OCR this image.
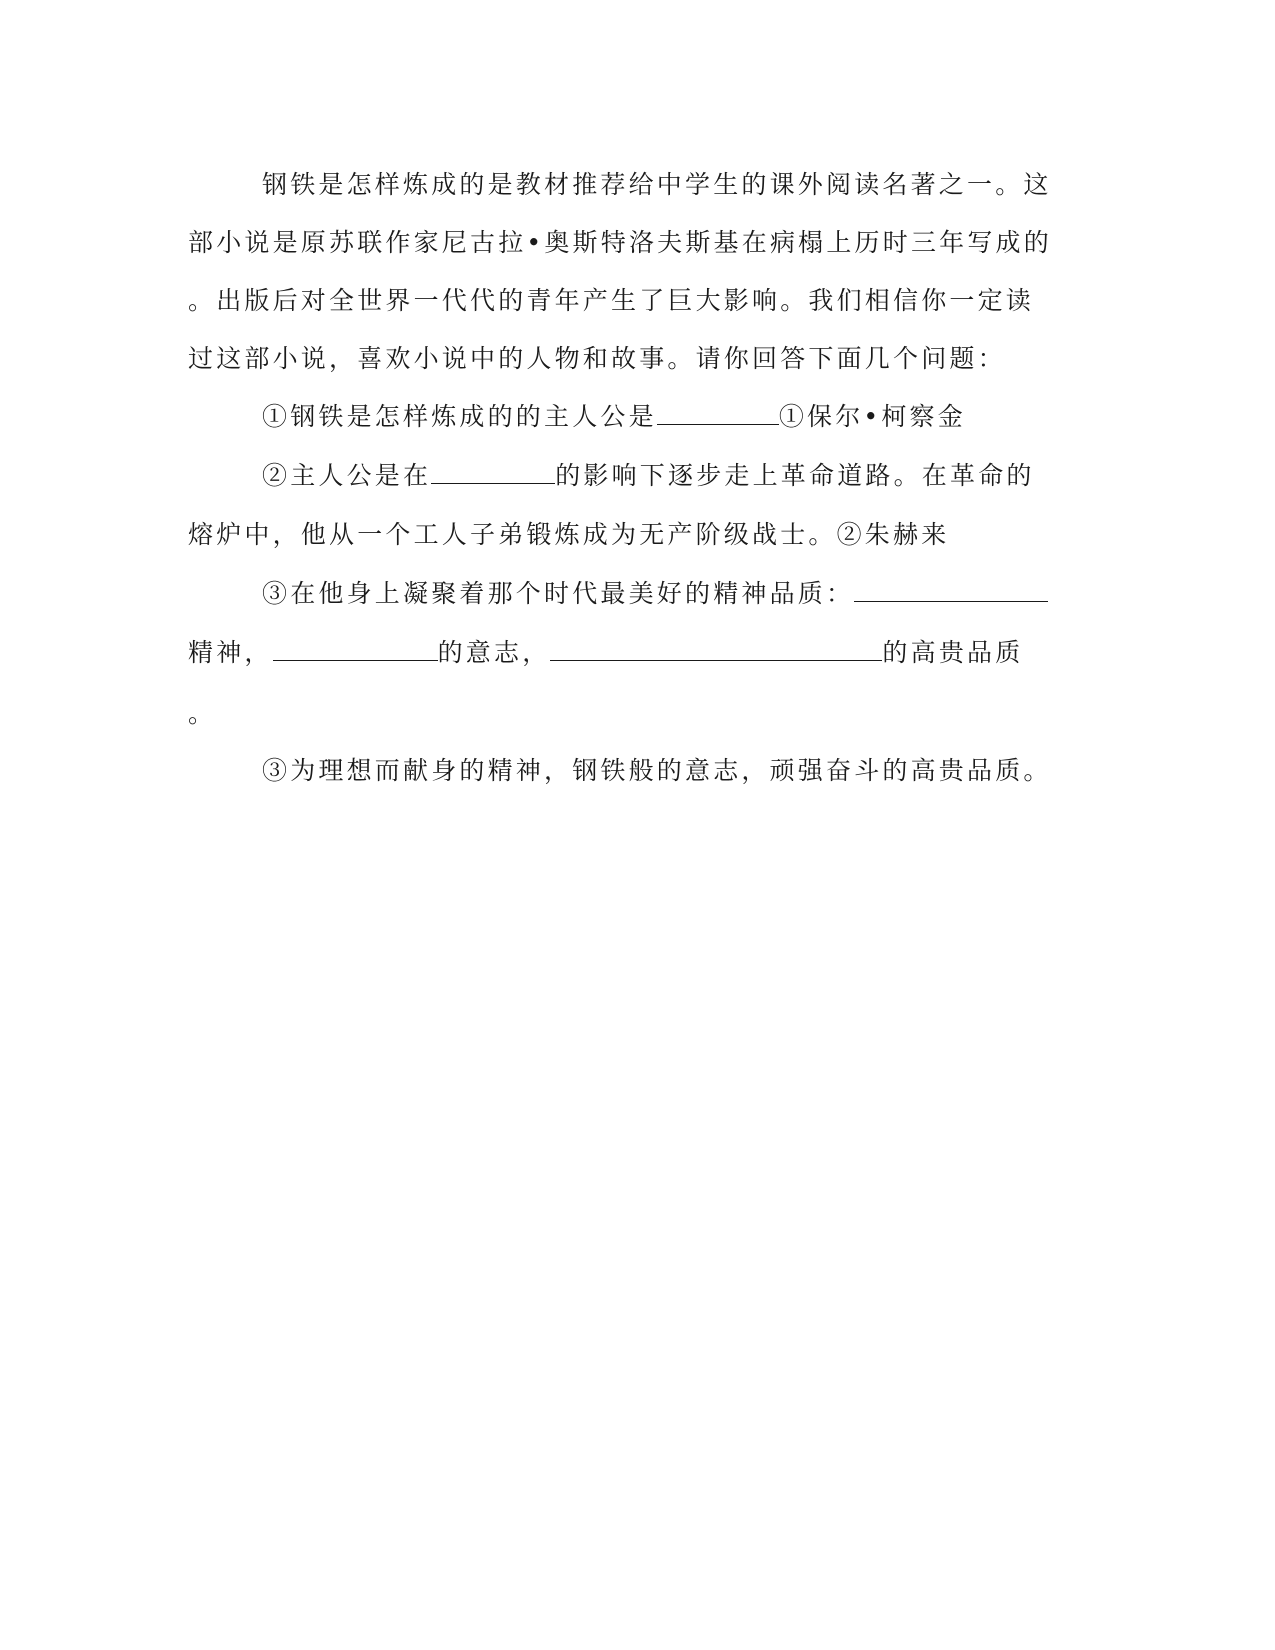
钢铁是怎样炼成的是教材推荐给中学生的课外阅读名著之一。这
部小说是原苏联作家尼古拉•奥斯特洛夫斯基在病榻上历时三年写成的
。出版后对全世界一代代的青年产生了巨大影响。我们相信你一定读
过这部小说，喜欢小说中的人物和故事。请你回答下面几个问题：
①钢铁是怎样炼成的的主人公是	①保尔•柯察金
②主人公是在	的影响下逐步走上革命道路。在革命的
熔炉中，他从一个工人子弟锻炼成为无产阶级战士。②朱赫来
③在他身上凝聚着那个时代最美好的精神品质：
精神，	的意志，	的高贵品质
。
③为理想而献身的精神，钢铁般的意志，顽强奋斗的高贵品质。
